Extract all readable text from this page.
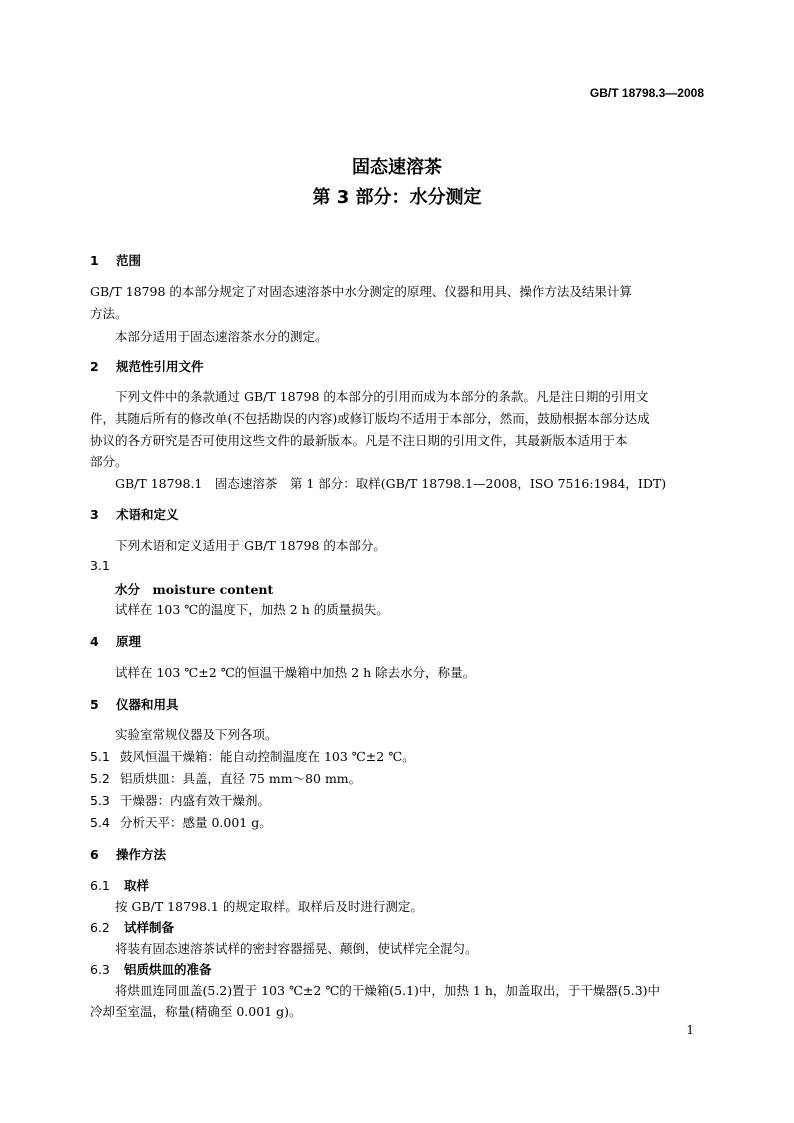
GB/T 18798.3—2008
固态速溶茶
第 3 部分：水分测定
1 范围
GB/T 18798 的本部分规定了对固态速溶茶中水分测定的原理、仪器和用具、操作方法及结果计算
方法。
本部分适用于固态速溶茶水分的测定。
2 规范性引用文件
下列文件中的条款通过 GB/T 18798 的本部分的引用而成为本部分的条款。凡是注日期的引用文
件，其随后所有的修改单(不包括勘误的内容)或修订版均不适用于本部分，然而，鼓励根据本部分达成
协议的各方研究是否可使用这些文件的最新版本。凡是不注日期的引用文件，其最新版本适用于本
部分。
GB/T 18798.1　固态速溶茶　第 1 部分：取样(GB/T 18798.1—2008，ISO 7516:1984，IDT)
3 术语和定义
下列术语和定义适用于 GB/T 18798 的本部分。
3.1
水分　 moisture content
试样在 103 ℃的温度下，加热 2 h 的质量损失。
4 原理
试样在 103 ℃±2 ℃的恒温干燥箱中加热 2 h 除去水分，称量。
5 仪器和用具
实验室常规仪器及下列各项。
5.1 鼓风恒温干燥箱：能自动控制温度在 103 ℃±2 ℃。
5.2 铝质烘皿：具盖，直径 75 mm～80 mm。
5.3 干燥器：内盛有效干燥剂。
5.4 分析天平：感量 0.001 g。
6 操作方法
6.1 取样
按 GB/T 18798.1 的规定取样。取样后及时进行测定。
6.2 试样制备
将装有固态速溶茶试样的密封容器摇晃、颠倒，使试样完全混匀。
6.3 铝质烘皿的准备
将烘皿连同皿盖(5.2)置于 103 ℃±2 ℃的干燥箱(5.1)中，加热 1 h，加盖取出，于干燥器(5.3)中
冷却至室温，称量(精确至 0.001 g)。
1
